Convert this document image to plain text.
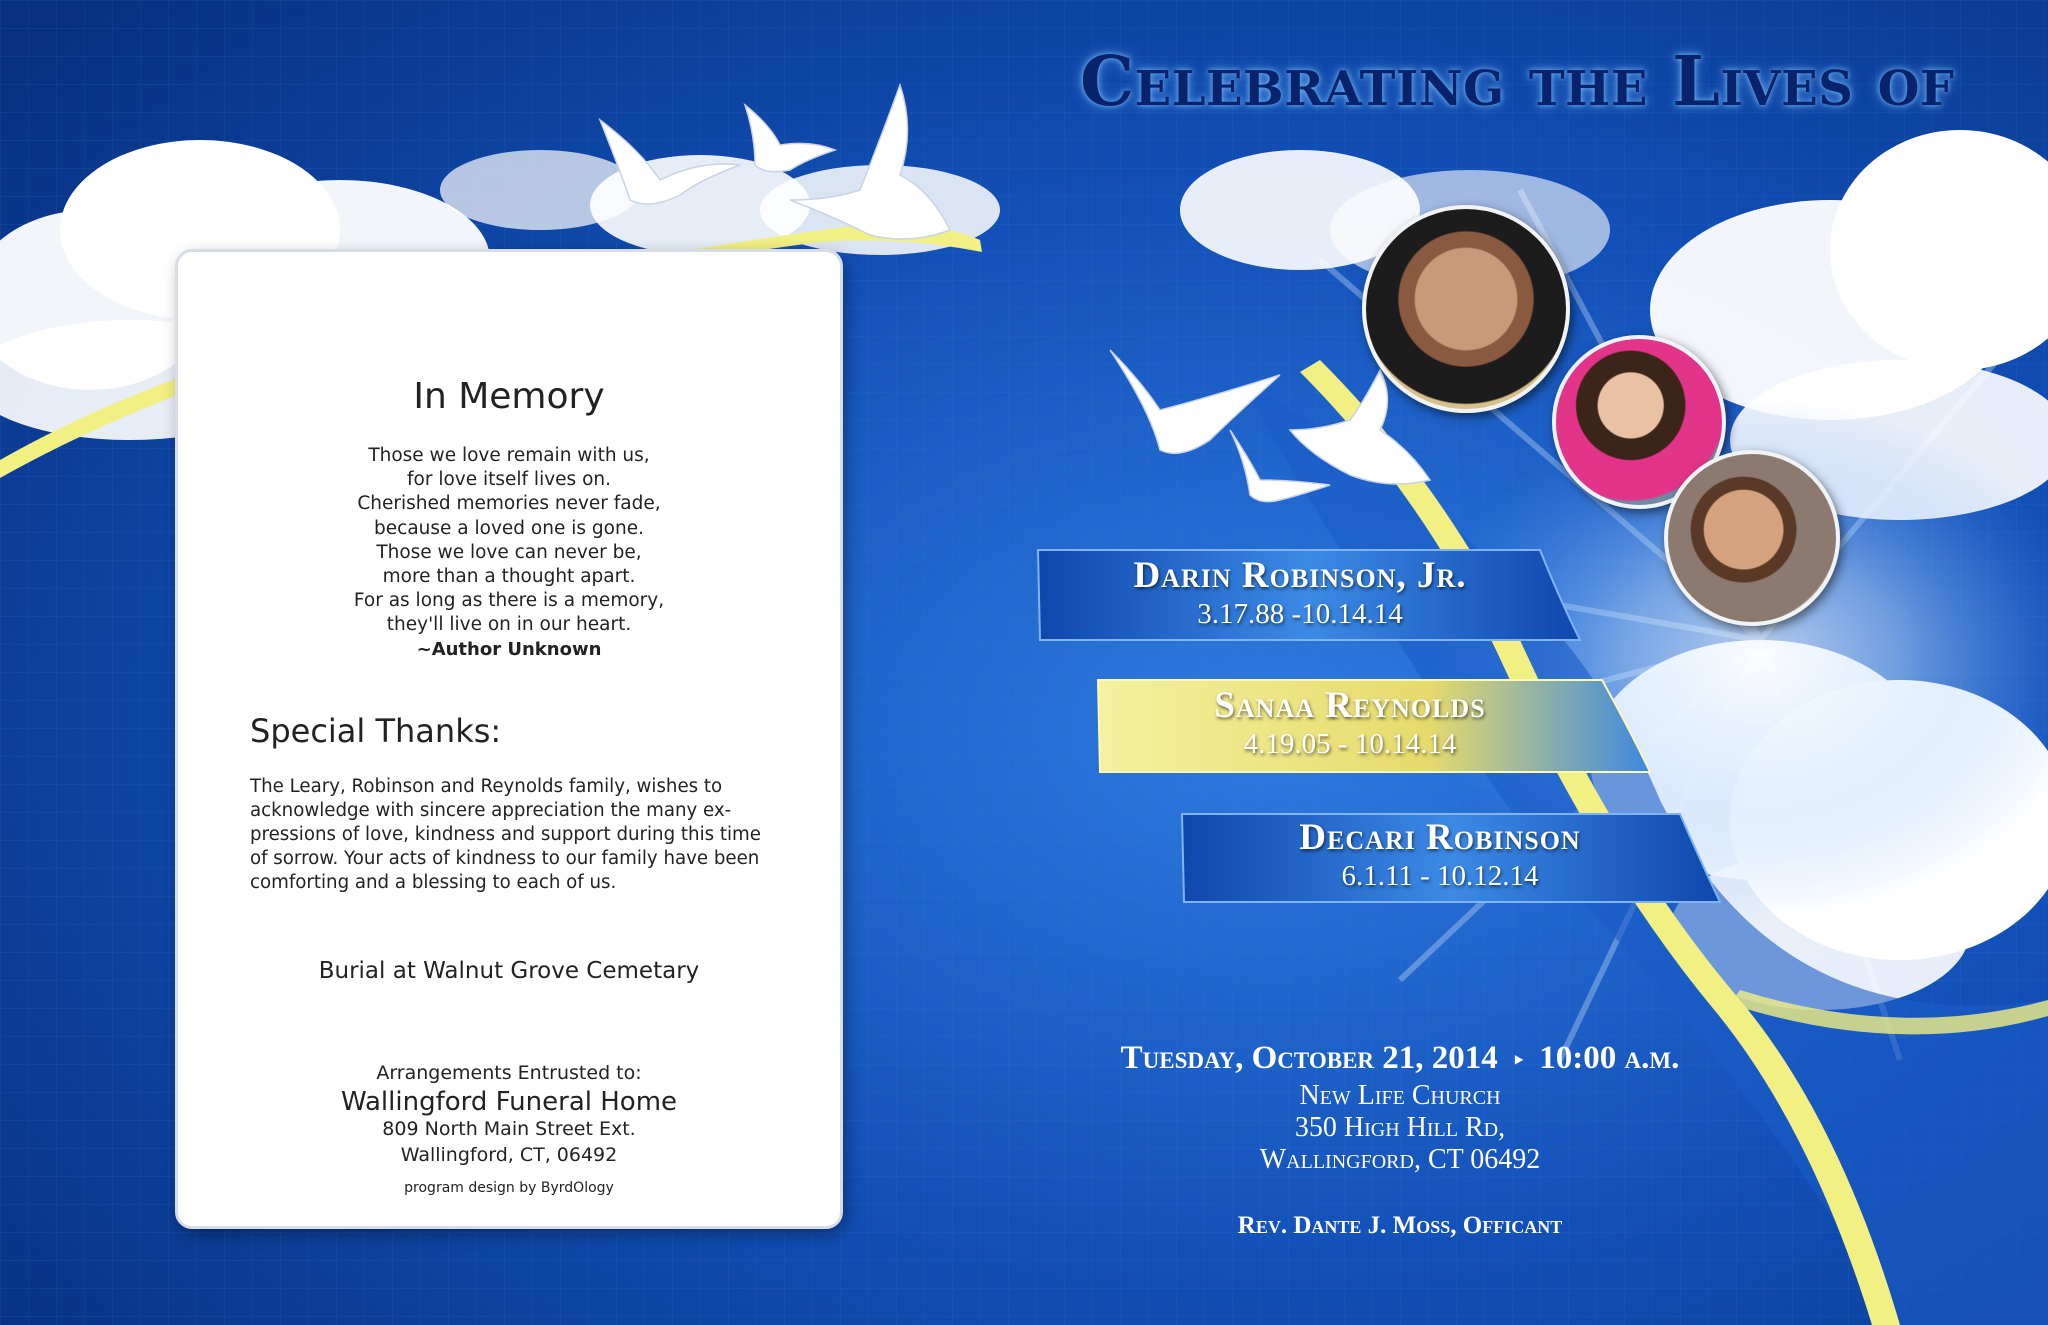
In Memory
Those we love remain with us,
for love itself lives on.
Cherished memories never fade,
because a loved one is gone.
Those we love can never be,
more than a thought apart.
For as long as there is a memory,
they'll live on in our heart.
~Author Unknown
Special Thanks:
The Leary, Robinson and Reynolds family, wishes to
acknowledge with sincere appreciation the many ex-
pressions of love, kindness and support during this time
of sorrow. Your acts of kindness to our family have been
comforting and a blessing to each of us.
Burial at Walnut Grove Cemetary
Arrangements Entrusted to:
Wallingford Funeral Home
809 North Main Street Ext.
Wallingford, CT, 06492
program design by ByrdOlogy
Celebrating the Lives of
Darin Robinson, Jr.
3.17.88 -10.14.14
Sanaa Reynolds
4.19.05 - 10.14.14
Decari Robinson
6.1.11 - 10.12.14
Tuesday, October 21, 2014 ‣ 10:00 a.m.
New Life Church
350 High Hill Rd,
Wallingford, CT 06492
Rev. Dante J. Moss, Officant
